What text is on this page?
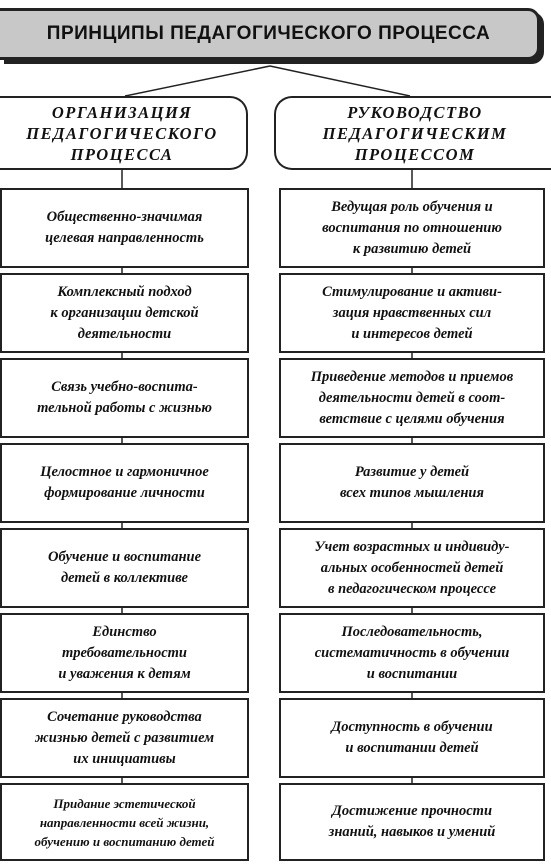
ПРИНЦИПЫ ПЕДАГОГИЧЕСКОГО ПРОЦЕССА
ОРГАНИЗАЦИЯ
ПЕДАГОГИЧЕСКОГО
ПРОЦЕССА
РУКОВОДСТВО
ПЕДАГОГИЧЕСКИМ
ПРОЦЕССОМ
Общественно-значимая
целевая направленность
Комплексный подход
к организации детской
деятельности
Связь учебно-воспита-
тельной работы с жизнью
Целостное и гармоничное
формирование личности
Обучение и воспитание
детей в коллективе
Единство
требовательности
и уважения к детям
Сочетание руководства
жизнью детей с развитием
их инициативы
Придание эстетической
направленности всей жизни,
обучению и воспитанию детей
Ведущая роль обучения и
воспитания по отношению
к развитию детей
Стимулирование и активи-
зация нравственных сил
и интересов детей
Приведение методов и приемов
деятельности детей в соот-
ветствие с целями обучения
Развитие у детей
всех типов мышления
Учет возрастных и индивиду-
альных особенностей детей
в педагогическом процессе
Последовательность,
систематичность в обучении
и воспитании
Доступность в обучении
и воспитании детей
Достижение прочности
знаний, навыков и умений
